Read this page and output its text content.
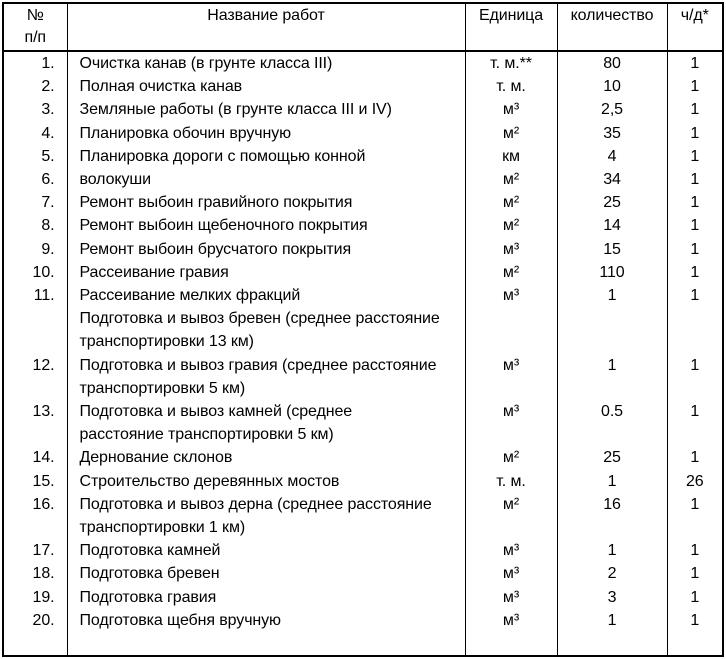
№
п/п	Название работ	Единица	количество	ч/д*
1.	Очистка канав (в грунте класса III)	т. м.**	80	1
2.	Полная очистка канав	т. м.	10	1
3.	Земляные работы (в грунте класса III и IV)	м³	2,5	1
4.	Планировка обочин вручную	м²	35	1
5.	Планировка дороги с помощью конной	км	4	1
6.	волокуши	м²	34	1
7.	Ремонт выбоин гравийного покрытия	м²	25	1
8.	Ремонт выбоин щебеночного покрытия	м²	14	1
9.	Ремонт выбоин брусчатого покрытия	м³	15	1
10.	Рассеивание гравия	м²	110	1
11.	Рассеивание мелких фракций	м³	1	1
	Подготовка и вывоз бревен (среднее расстояние			
	транспортировки 13 км)			
12.	Подготовка и вывоз гравия (среднее расстояние	м³	1	1
	транспортировки 5 км)			
13.	Подготовка и вывоз камней (среднее	м³	0.5	1
	расстояние транспортировки 5 км)			
14.	Дернование склонов	м²	25	1
15.	Строительство деревянных мостов	т. м.	1	26
16.	Подготовка и вывоз дерна (среднее расстояние	м²	16	1
	транспортировки 1 км)			
17.	Подготовка камней	м³	1	1
18.	Подготовка бревен	м³	2	1
19.	Подготовка гравия	м³	3	1
20.	Подготовка щебня вручную	м³	1	1
